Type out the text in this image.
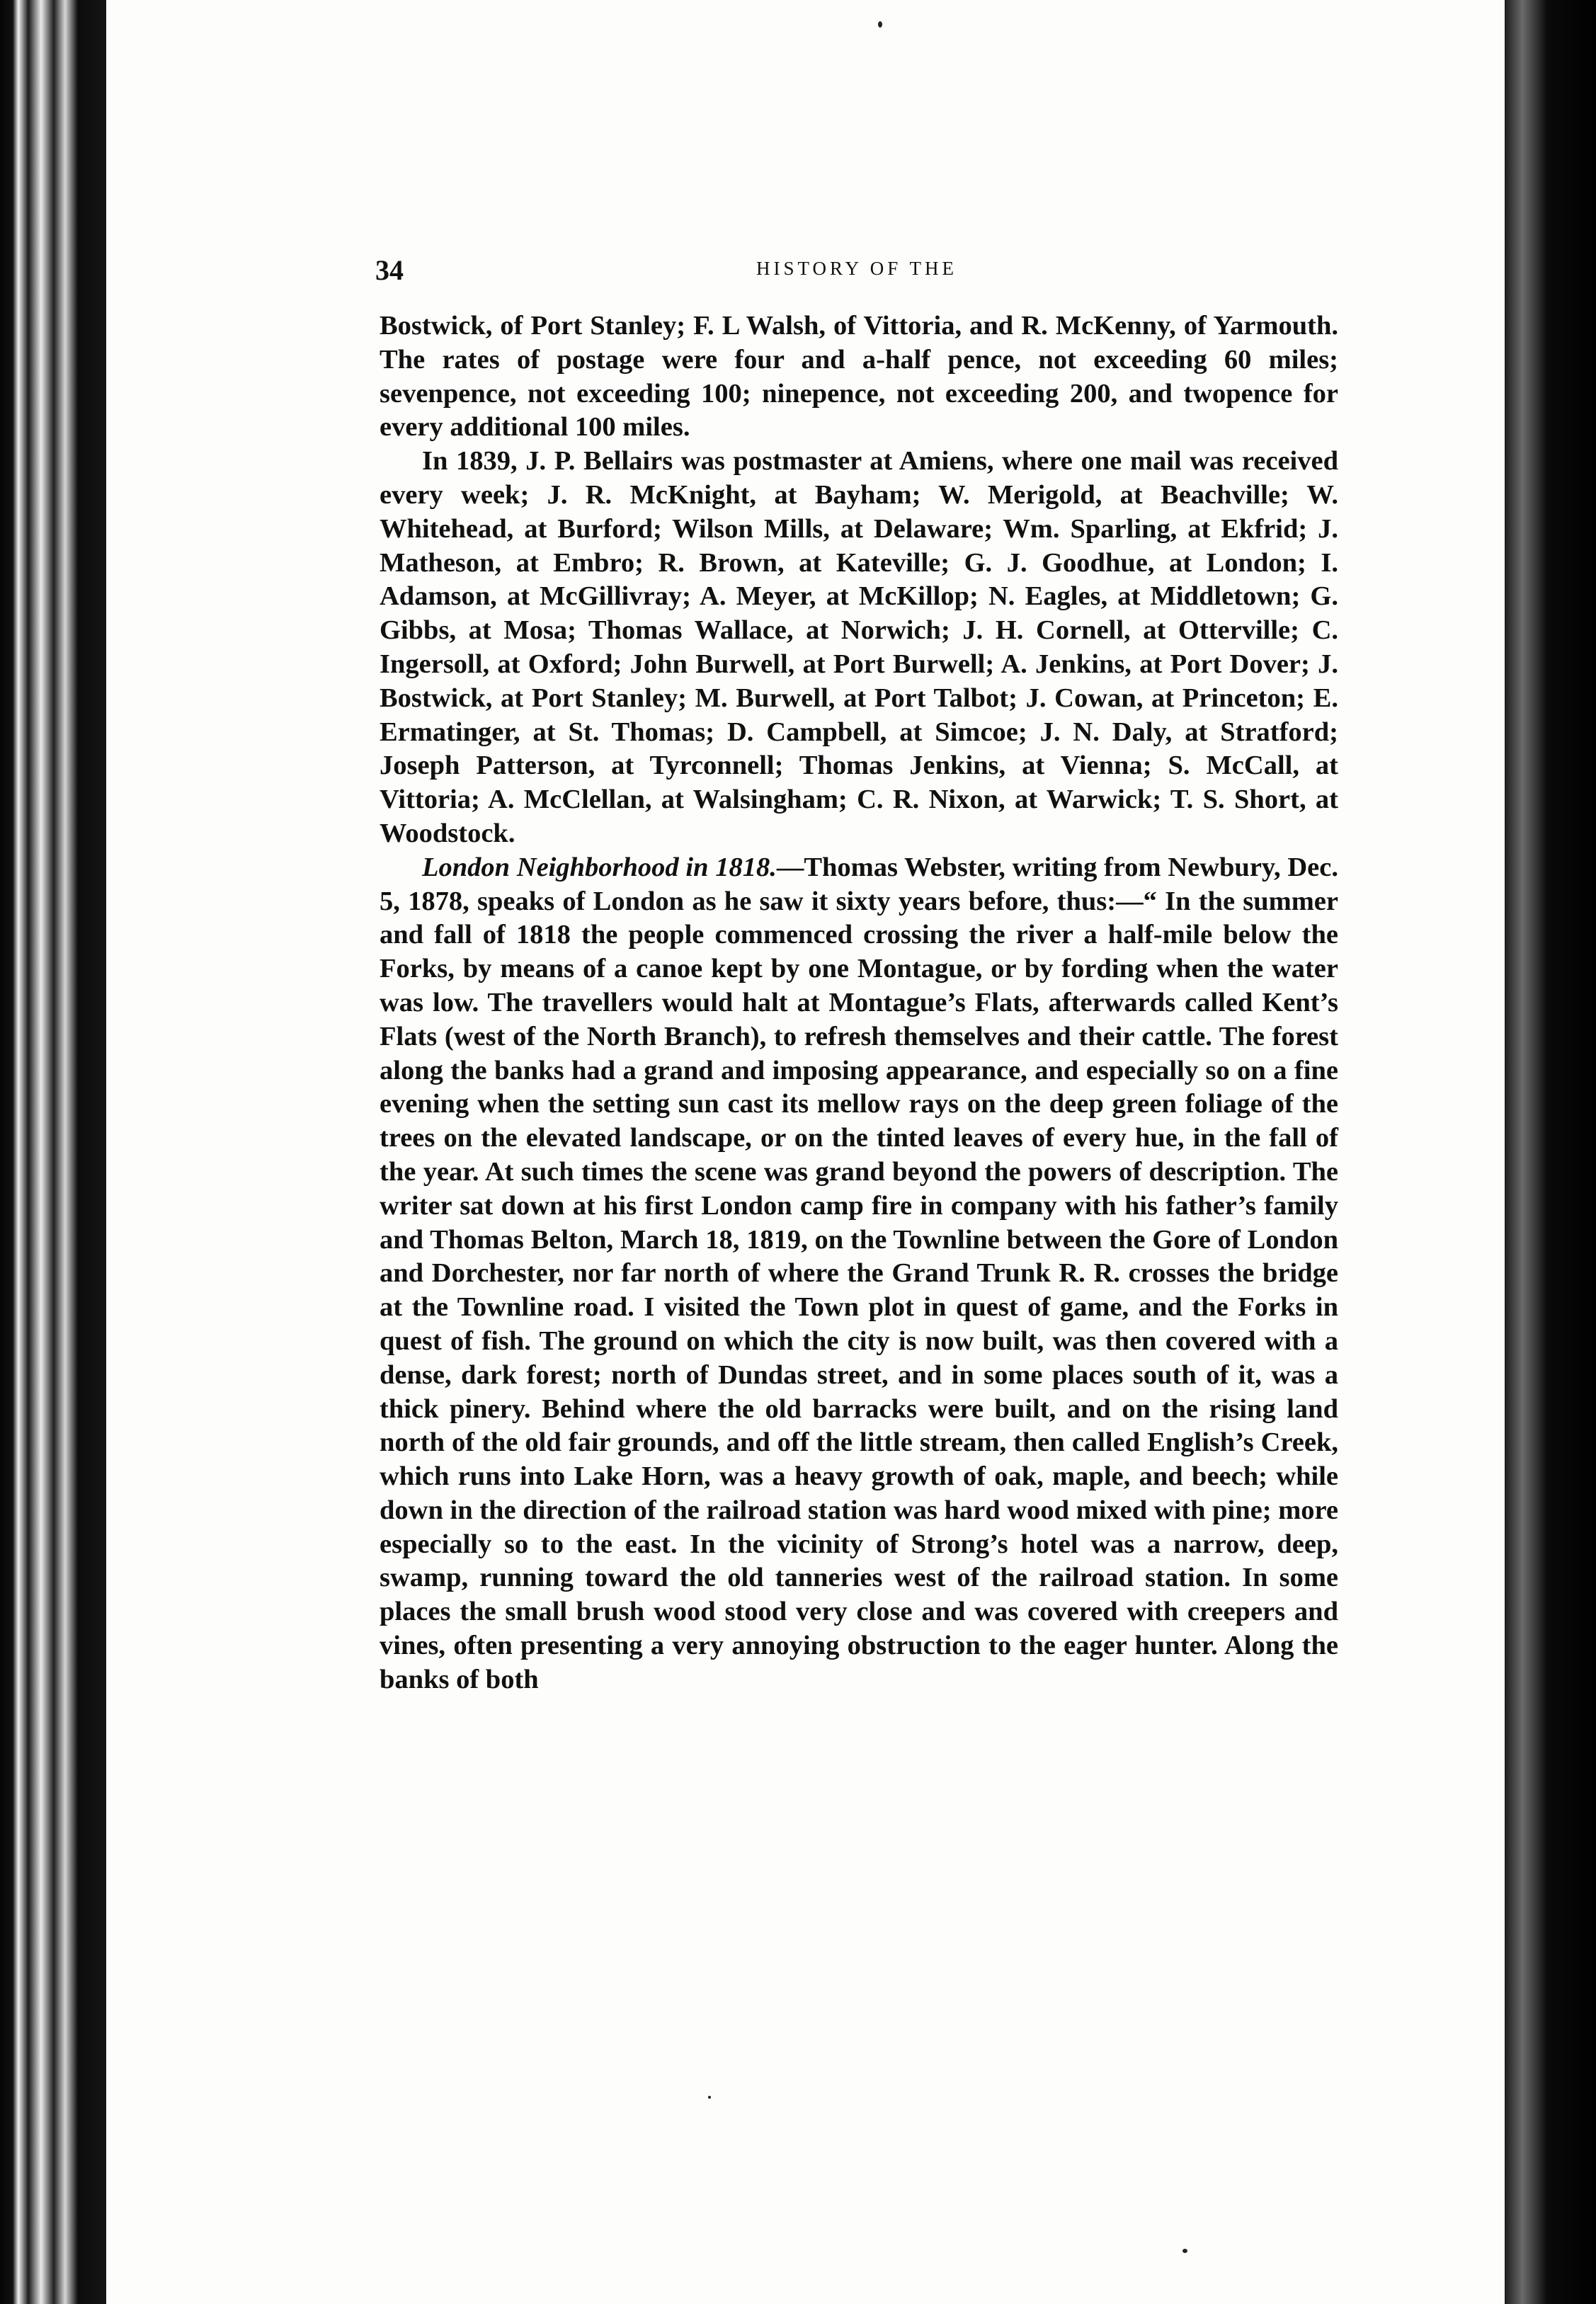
34	HISTORY OF THE

Bostwick, of Port Stanley; F. L Walsh, of Vittoria, and R. McKenny, of Yarmouth. The rates of postage were four and a-half pence, not exceeding 60 miles; sevenpence, not exceeding 100; ninepence, not exceeding 200, and twopence for every additional 100 miles.

In 1839, J. P. Bellairs was postmaster at Amiens, where one mail was received every week; J. R. McKnight, at Bayham; W. Merigold, at Beachville; W. Whitehead, at Burford; Wilson Mills, at Delaware; Wm. Sparling, at Ekfrid; J. Matheson, at Embro; R. Brown, at Kateville; G. J. Goodhue, at London; I. Adamson, at McGillivray; A. Meyer, at McKillop; N. Eagles, at Middletown; G. Gibbs, at Mosa; Thomas Wallace, at Norwich; J. H. Cornell, at Otterville; C. Ingersoll, at Oxford; John Burwell, at Port Burwell; A. Jenkins, at Port Dover; J. Bostwick, at Port Stanley; M. Burwell, at Port Talbot; J. Cowan, at Princeton; E. Ermatinger, at St. Thomas; D. Campbell, at Simcoe; J. N. Daly, at Stratford; Joseph Patterson, at Tyrconnell; Thomas Jenkins, at Vienna; S. McCall, at Vittoria; A. McClellan, at Walsingham; C. R. Nixon, at Warwick; T. S. Short, at Woodstock.

London Neighborhood in 1818.—Thomas Webster, writing from Newbury, Dec. 5, 1878, speaks of London as he saw it sixty years before, thus:—“ In the summer and fall of 1818 the people commenced crossing the river a half-mile below the Forks, by means of a canoe kept by one Montague, or by fording when the water was low. The travellers would halt at Montague’s Flats, afterwards called Kent’s Flats (west of the North Branch), to refresh themselves and their cattle. The forest along the banks had a grand and imposing appearance, and especially so on a fine evening when the setting sun cast its mellow rays on the deep green foliage of the trees on the elevated landscape, or on the tinted leaves of every hue, in the fall of the year. At such times the scene was grand beyond the powers of description. The writer sat down at his first London camp fire in company with his father’s family and Thomas Belton, March 18, 1819, on the Townline between the Gore of London and Dorchester, nor far north of where the Grand Trunk R. R. crosses the bridge at the Townline road. I visited the Town plot in quest of game, and the Forks in quest of fish. The ground on which the city is now built, was then covered with a dense, dark forest; north of Dundas street, and in some places south of it, was a thick pinery. Behind where the old barracks were built, and on the rising land north of the old fair grounds, and off the little stream, then called English’s Creek, which runs into Lake Horn, was a heavy growth of oak, maple, and beech; while down in the direction of the railroad station was hard wood mixed with pine; more especially so to the east. In the vicinity of Strong’s hotel was a narrow, deep, swamp, running toward the old tanneries west of the railroad station. In some places the small brush wood stood very close and was covered with creepers and vines, often presenting a very annoying obstruction to the eager hunter. Along the banks of both
